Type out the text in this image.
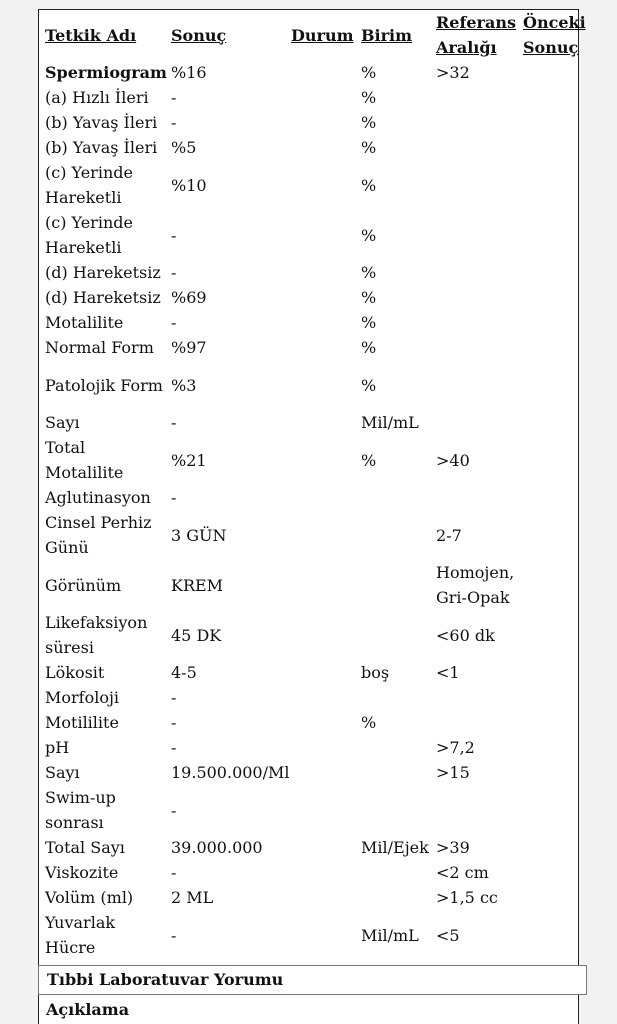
Tetkik Adı	Sonuç	Durum	Birim	Referans Aralığı	Önceki Sonuç
Spermiogram	%16		%	>32	
(a) Hızlı İleri	-		%		
(b) Yavaş İleri	-		%		
(b) Yavaş İleri	%5		%		
(c) Yerinde Hareketli	%10		%		
(c) Yerinde Hareketli	-		%		
(d) Hareketsiz	-		%		
(d) Hareketsiz	%69		%		
Motalilite	-		%		
Normal Form	%97		%		
Patolojik Form	%3		%		
Sayı	-		Mil/mL		
Total Motalilite	%21		%	>40	
Aglutinasyon	-				
Cinsel Perhiz Günü	3 GÜN			2-7	
Görünüm	KREM			Homojen, Gri-Opak	
Likefaksiyon süresi	45 DK			<60 dk	
Lökosit	4-5		boş	<1	
Morfoloji	-				
Motililite	-		%		
pH	-			>7,2	
Sayı	19.500.000/Ml			>15	
Swim-up sonrası	-				
Total Sayı	39.000.000		Mil/Ejek	>39	
Viskozite	-			<2 cm	
Volüm (ml)	2 ML			>1,5 cc	
Yuvarlak Hücre	-		Mil/mL	<5	
Tıbbi Laboratuvar Yorumu
Açıklama
